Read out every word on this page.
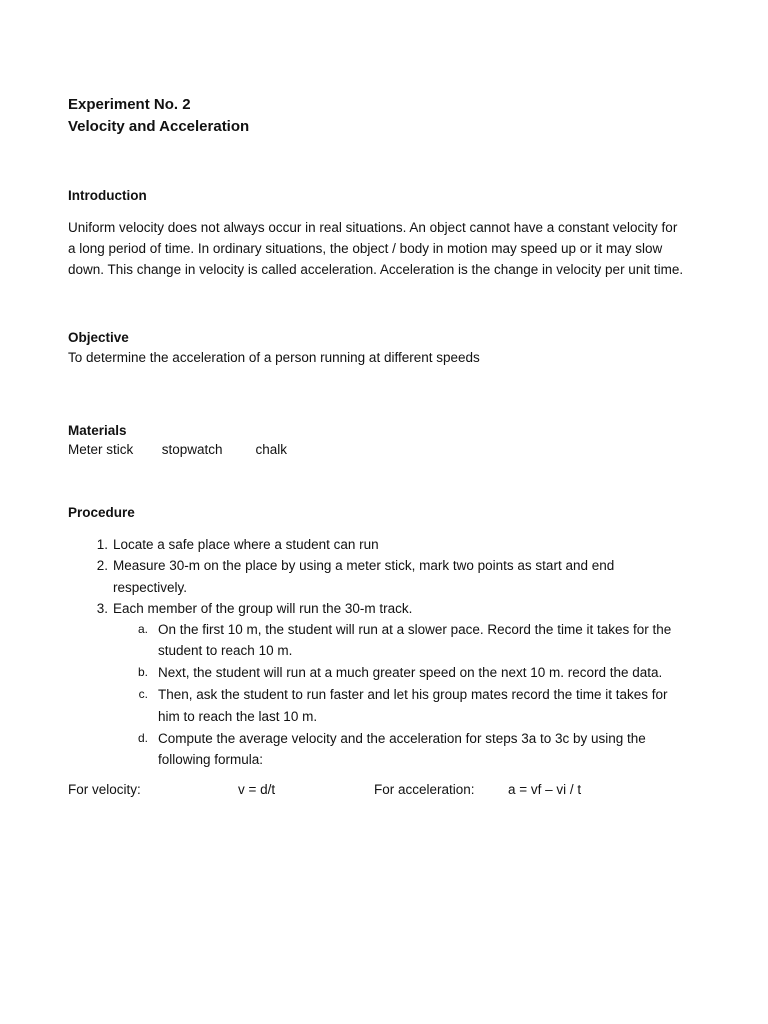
Experiment No. 2
Velocity and Acceleration
Introduction
Uniform velocity does not always occur in real situations. An object cannot have a constant velocity for
a long period of time. In ordinary situations, the object / body in motion may speed up or it may slow
down. This change in velocity is called acceleration. Acceleration is the change in velocity per unit time.
Objective
To determine the acceleration of a person running at different speeds
Materials
Meter stick stopwatch chalk
Procedure
1. Locate a safe place where a student can run
2. Measure 30-m on the place by using a meter stick, mark two points as start and end
respectively.
3. Each member of the group will run the 30-m track.
a. On the first 10 m, the student will run at a slower pace. Record the time it takes for the
student to reach 10 m.
b. Next, the student will run at a much greater speed on the next 10 m. record the data.
c. Then, ask the student to run faster and let his group mates record the time it takes for
him to reach the last 10 m.
d. Compute the average velocity and the acceleration for steps 3a to 3c by using the
following formula:
For velocity:	v = d/t	For acceleration: a = vf – vi / t
